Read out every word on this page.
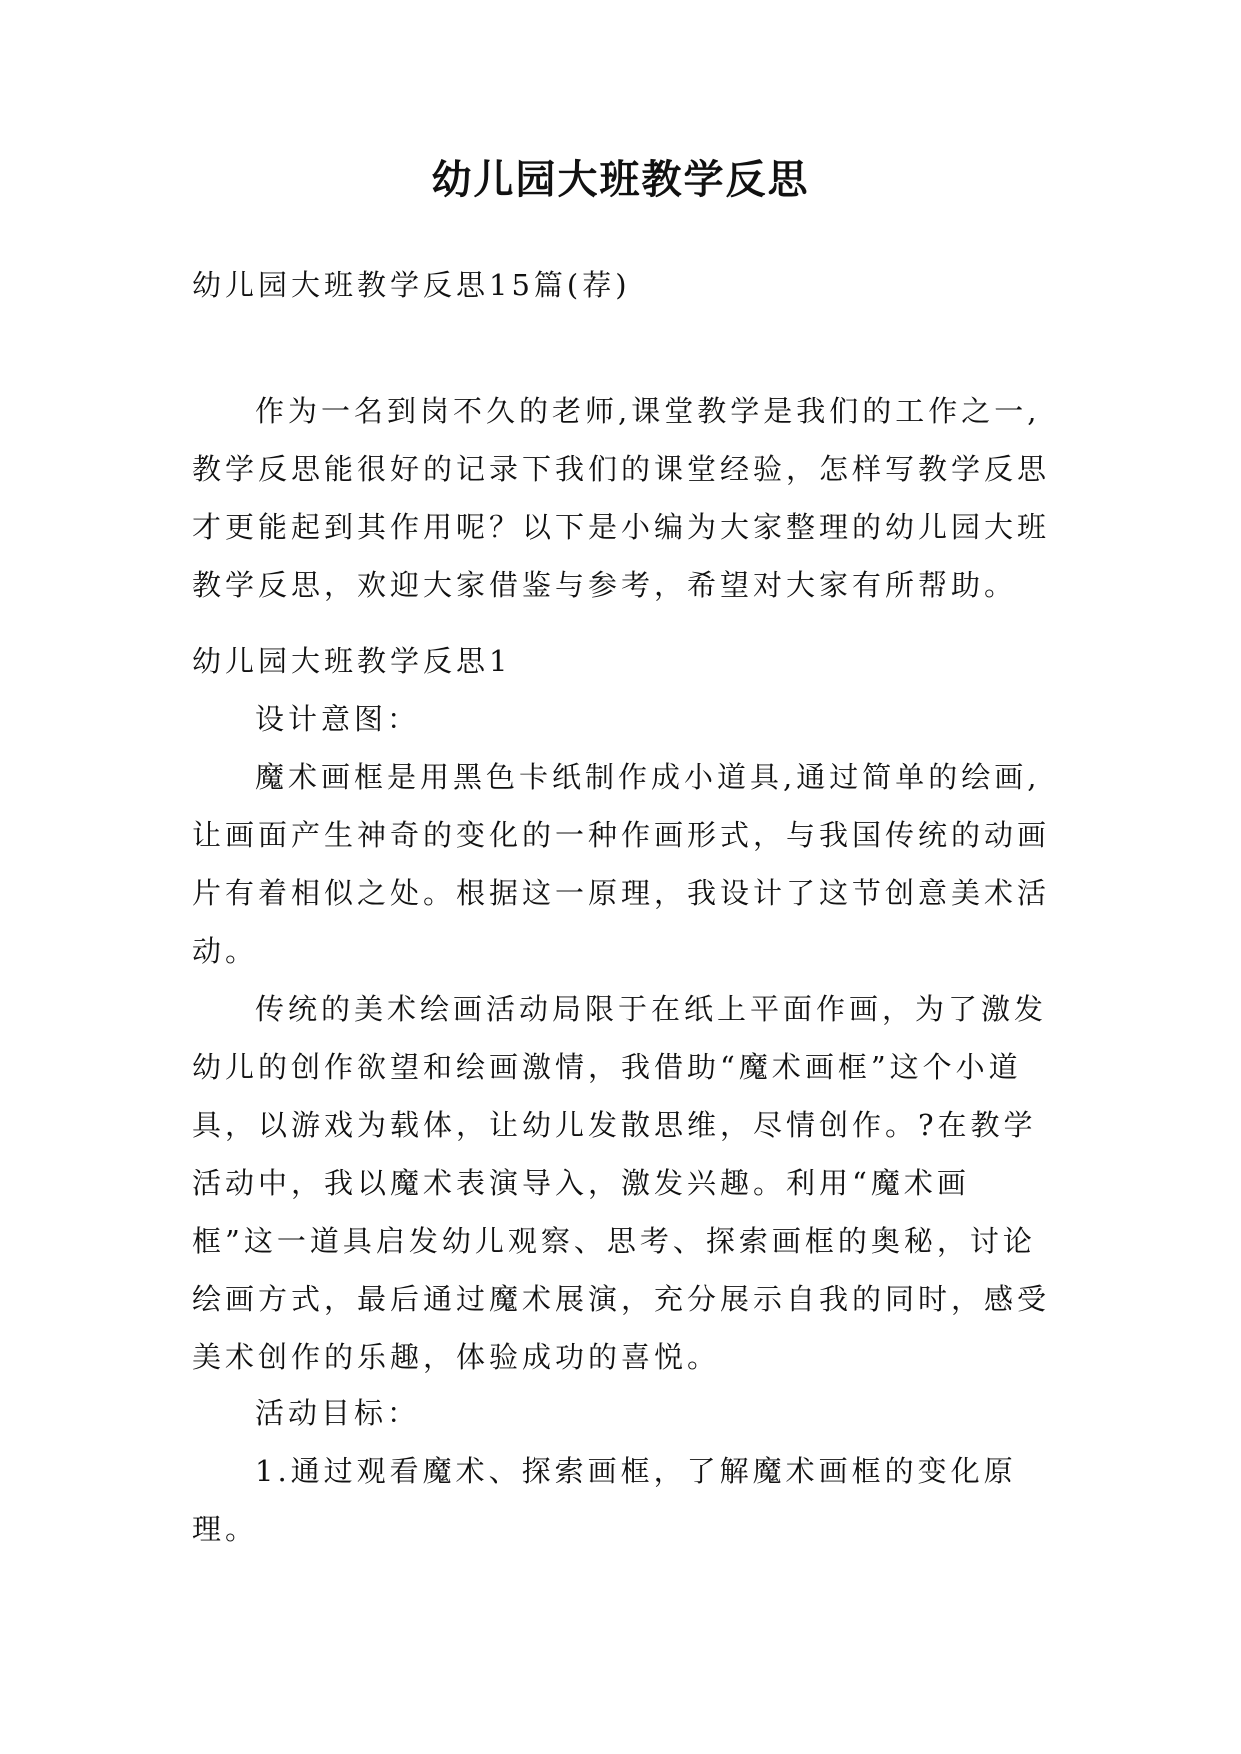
幼儿园大班教学反思

幼儿园大班教学反思15篇(荐)

作为一名到岗不久的老师,课堂教学是我们的工作之一,教学反思能很好的记录下我们的课堂经验，怎样写教学反思才更能起到其作用呢？以下是小编为大家整理的幼儿园大班教学反思，欢迎大家借鉴与参考，希望对大家有所帮助。

幼儿园大班教学反思1

设计意图：

魔术画框是用黑色卡纸制作成小道具,通过简单的绘画,让画面产生神奇的变化的一种作画形式，与我国传统的动画片有着相似之处。根据这一原理，我设计了这节创意美术活动。

传统的美术绘画活动局限于在纸上平面作画，为了激发幼儿的创作欲望和绘画激情，我借助“魔术画框”这个小道具，以游戏为载体，让幼儿发散思维，尽情创作。?在教学活动中，我以魔术表演导入，激发兴趣。利用“魔术画框”这一道具启发幼儿观察、思考、探索画框的奥秘，讨论绘画方式，最后通过魔术展演，充分展示自我的同时，感受美术创作的乐趣，体验成功的喜悦。

活动目标：

1.通过观看魔术、探索画框，了解魔术画框的变化原理。
